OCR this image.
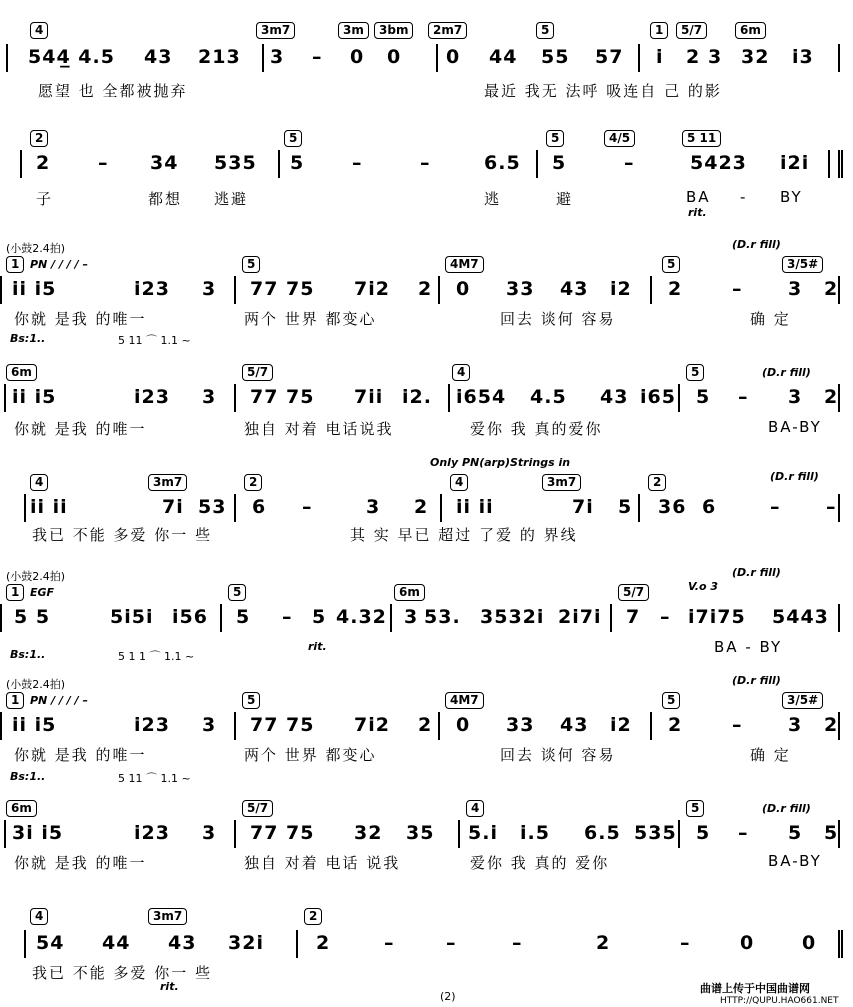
4	3m7	3m	3bm	2m7	5	1	5/7	6m
544̲ 4.5 43 213 3 – 0 0 0 44 55 57 i 2 3 32 i3
愿望 也 全都被抛弃	最近 我无 法呼 吸连自 己 的影
2	5	5	4/5	5 11
2	– 34 535 5	–	–	6.5 5	–	5423 i2i
子	都想 逃避	逃	避	BA - BY
rit.
(小鼓2.4拍)	(D.r fill)
1	5	4M7	5	3/5#
ii i5	i23 3 77 75 7i2 2 0 33 43 i2 2	– 3 2
你就 是我 的唯一	两个 世界 都变心	回去 谈何 容易	确 定
PN / / / / –
Bs:1..	5 11 ⌒ 1.1 ~
6m	5/7	4	5
ii i5	i23 3 77 75 7ii i2. i654 4.5 43 i65 5 – 3 2
你就 是我 的唯一	独自 对着 电话说我	爱你 我 真的爱你	BA-BY
(D.r fill)
4	3m7	2	4	3m7	2
ii ii	7i 53 6 –	3 2 ii ii	7i 5 36 6	– –
我已 不能 多爱 你一 些	其 实 早已 超过 了爱 的 界线
Only PN(arp)Strings in
(D.r fill)
(小鼓2.4拍)	(D.r fill)
V.o 3
1	5	6m	5/7
5 5	5i5i i56 5 – 5 4.32 3 53. 3532i 2i7i 7 – i7i75 5443
BA - BY
EGF
rit.
Bs:1..	5 1 1 ⌒ 1.1 ~
(小鼓2.4拍)	(D.r fill)
1	5	4M7	5	3/5#
ii i5	i23 3 77 75 7i2 2 0 33 43 i2 2	– 3 2
你就 是我 的唯一	两个 世界 都变心	回去 谈何 容易	确 定
PN / / / / –
Bs:1..	5 11 ⌒ 1.1 ~
6m	5/7	4	5
3i i5	i23 3 77 75 32 35 5.i i.5 6.5 535 5 – 5 5
你就 是我 的唯一	独自 对着 电话 说我	爱你 我 真的 爱你	BA-BY
(D.r fill)
4	3m7	2
54 44 43 32i	2	–	–	–	2	–	0	0
我已 不能 多爱 你一 些
rit.
(2)
曲谱上传于中国曲谱网
HTTP://QUPU.HAO661.NET
